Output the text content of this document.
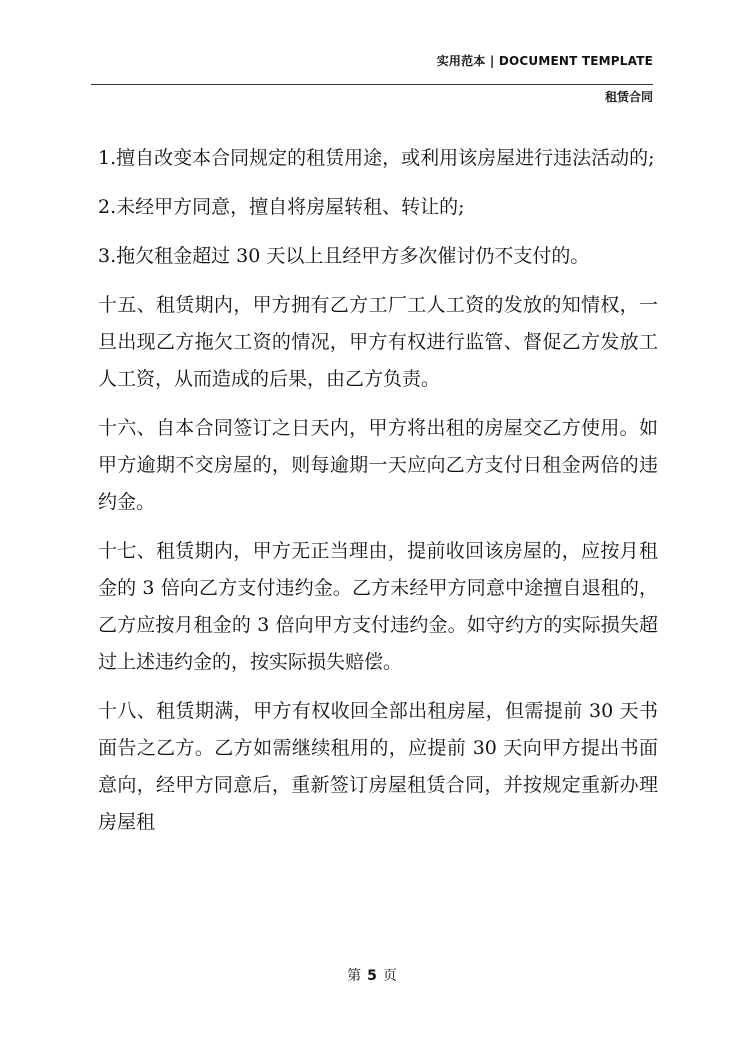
实用范本 | DOCUMENT TEMPLATE
租赁合同

1.擅自改变本合同规定的租赁用途，或利用该房屋进行违法活动的;

2.未经甲方同意，擅自将房屋转租、转让的;

3.拖欠租金超过 30 天以上且经甲方多次催讨仍不支付的。

十五、租赁期内，甲方拥有乙方工厂工人工资的发放的知情权，一旦出现乙方拖欠工资的情况，甲方有权进行监管、督促乙方发放工人工资，从而造成的后果，由乙方负责。

十六、自本合同签订之日天内，甲方将出租的房屋交乙方使用。如甲方逾期不交房屋的，则每逾期一天应向乙方支付日租金两倍的违约金。

十七、租赁期内，甲方无正当理由，提前收回该房屋的，应按月租金的 3 倍向乙方支付违约金。乙方未经甲方同意中途擅自退租的，乙方应按月租金的 3 倍向甲方支付违约金。如守约方的实际损失超过上述违约金的，按实际损失赔偿。

十八、租赁期满，甲方有权收回全部出租房屋，但需提前 30 天书面告之乙方。乙方如需继续租用的，应提前 30 天向甲方提出书面意向，经甲方同意后，重新签订房屋租赁合同，并按规定重新办理房屋租

第 5 页
